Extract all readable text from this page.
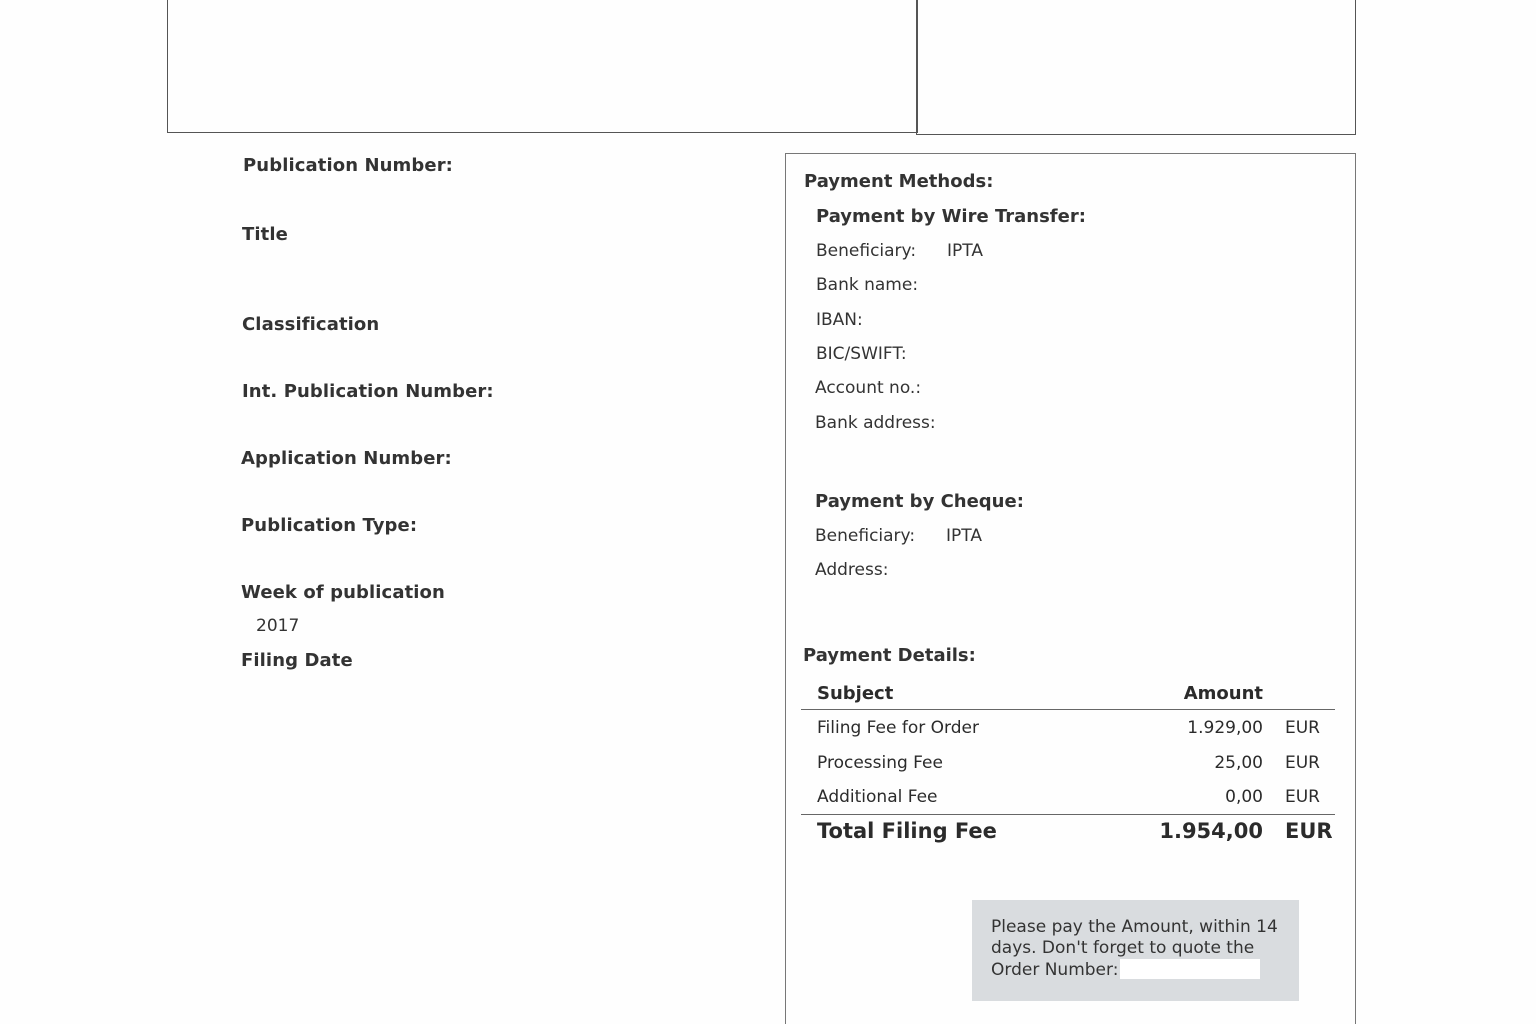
Publication Number:
Title
Classification
Int. Publication Number:
Application Number:
Publication Type:
Week of publication
2017
Filing Date
Payment Methods:
Payment by Wire Transfer:
Beneficiary: IPTA
Bank name:
IBAN:
BIC/SWIFT:
Account no.:
Bank address:
Payment by Cheque:
Beneficiary: IPTA
Address:
Payment Details:
Subject	Amount
Filing Fee for Order	1.929,00 EUR
Processing Fee	25,00 EUR
Additional Fee	0,00 EUR
Total Filing Fee	1.954,00 EUR
Please pay the Amount, within 14 days. Don't forget to quote the Order Number:
